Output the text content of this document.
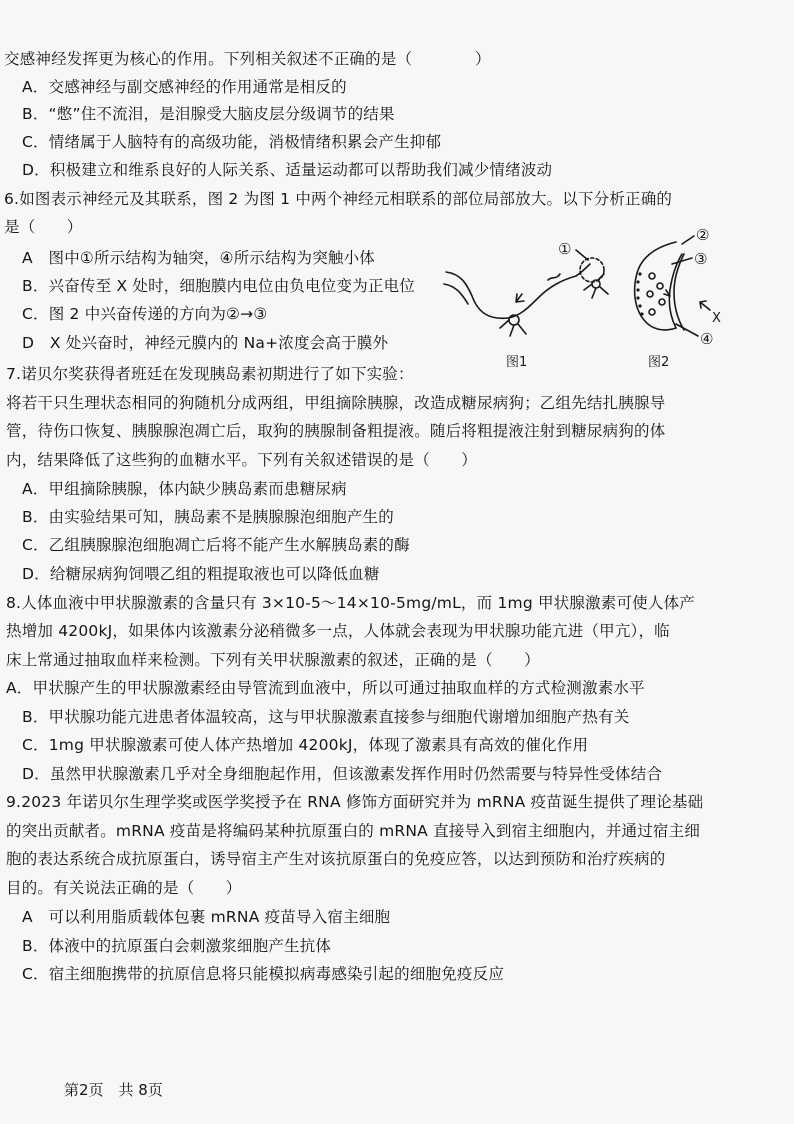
交感神经发挥更为核心的作用。下列相关叙述不正确的是（　　　　）
A．交感神经与副交感神经的作用通常是相反的
B．“憋”住不流泪，是泪腺受大脑皮层分级调节的结果
C．情绪属于人脑特有的高级功能，消极情绪积累会产生抑郁
D．积极建立和维系良好的人际关系、适量运动都可以帮助我们减少情绪波动
6.如图表示神经元及其联系，图 2 为图 1 中两个神经元相联系的部位局部放大。以下分析正确的
是（　　）
A　图中①所示结构为轴突，④所示结构为突触小体
B．兴奋传至 X 处时，细胞膜内电位由负电位变为正电位
C．图 2 中兴奋传递的方向为②→③
D　X 处兴奋时，神经元膜内的 Na+浓度会高于膜外
①
图1
②
③
④
X
图2
7.诺贝尔奖获得者班廷在发现胰岛素初期进行了如下实验：
将若干只生理状态相同的狗随机分成两组，甲组摘除胰腺，改造成糖尿病狗；乙组先结扎胰腺导
管，待伤口恢复、胰腺腺泡凋亡后，取狗的胰腺制备粗提液。随后将粗提液注射到糖尿病狗的体
内，结果降低了这些狗的血糖水平。下列有关叙述错误的是（　　）
A．甲组摘除胰腺，体内缺少胰岛素而患糖尿病
B．由实验结果可知，胰岛素不是胰腺腺泡细胞产生的
C．乙组胰腺腺泡细胞凋亡后将不能产生水解胰岛素的酶
D．给糖尿病狗饲喂乙组的粗提取液也可以降低血糖
8.人体血液中甲状腺激素的含量只有 3×10-5～14×10-5mg/mL，而 1mg 甲状腺激素可使人体产
热增加 4200kJ，如果体内该激素分泌稍微多一点，人体就会表现为甲状腺功能亢进（甲亢），临
床上常通过抽取血样来检测。下列有关甲状腺激素的叙述，正确的是（　　）
A．甲状腺产生的甲状腺激素经由导管流到血液中，所以可通过抽取血样的方式检测激素水平
B．甲状腺功能亢进患者体温较高，这与甲状腺激素直接参与细胞代谢增加细胞产热有关
C．1mg 甲状腺激素可使人体产热增加 4200kJ，体现了激素具有高效的催化作用
D．虽然甲状腺激素几乎对全身细胞起作用，但该激素发挥作用时仍然需要与特异性受体结合
9.2023 年诺贝尔生理学奖或医学奖授予在 RNA 修饰方面研究并为 mRNA 疫苗诞生提供了理论基础
的突出贡献者。mRNA 疫苗是将编码某种抗原蛋白的 mRNA 直接导入到宿主细胞内，并通过宿主细
胞的表达系统合成抗原蛋白，诱导宿主产生对该抗原蛋白的免疫应答，以达到预防和治疗疾病的
目的。有关说法正确的是（　　）
A　可以利用脂质载体包裹 mRNA 疫苗导入宿主细胞
B．体液中的抗原蛋白会刺激浆细胞产生抗体
C．宿主细胞携带的抗原信息将只能模拟病毒感染引起的细胞免疫反应
第2页　共 8页
